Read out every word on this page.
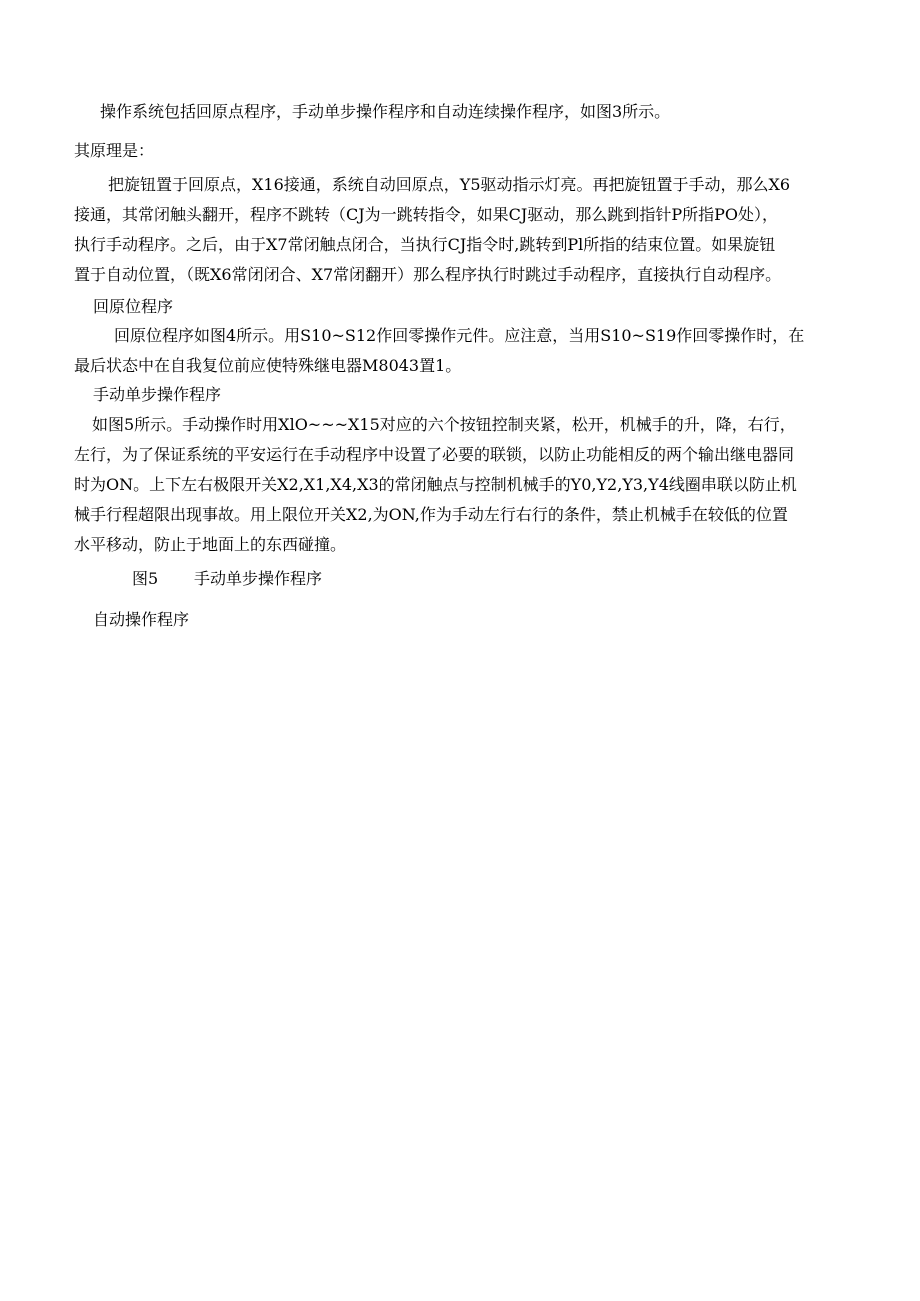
操作系统包括回原点程序，手动单步操作程序和自动连续操作程序，如图3所示。

其原理是：

把旋钮置于回原点，X16接通，系统自动回原点，Y5驱动指示灯亮。再把旋钮置于手动，那么X6
接通，其常闭触头翻开，程序不跳转（CJ为一跳转指令，如果CJ驱动，那么跳到指针P所指PO处），
执行手动程序。之后，由于X7常闭触点闭合，当执行CJ指令时,跳转到Pl所指的结束位置。如果旋钮
置于自动位置，（既X6常闭闭合、X7常闭翻开）那么程序执行时跳过手动程序，直接执行自动程序。

回原位程序

回原位程序如图4所示。用S10~S12作回零操作元件。应注意，当用S10~S19作回零操作时，在
最后状态中在自我复位前应使特殊继电器M8043置1。

手动单步操作程序

如图5所示。手动操作时用XlO~~~X15对应的六个按钮控制夹紧，松开，机械手的升，降，右行，
左行，为了保证系统的平安运行在手动程序中设置了必要的联锁，以防止功能相反的两个输出继电器同
时为ON。上下左右极限开关X2,X1,X4,X3的常闭触点与控制机械手的Y0,Y2,Y3,Y4线圈串联以防止机
械手行程超限出现事故。用上限位开关X2,为ON,作为手动左行右行的条件，禁止机械手在较低的位置
水平移动，防止于地面上的东西碰撞。

图5 手动单步操作程序

自动操作程序
